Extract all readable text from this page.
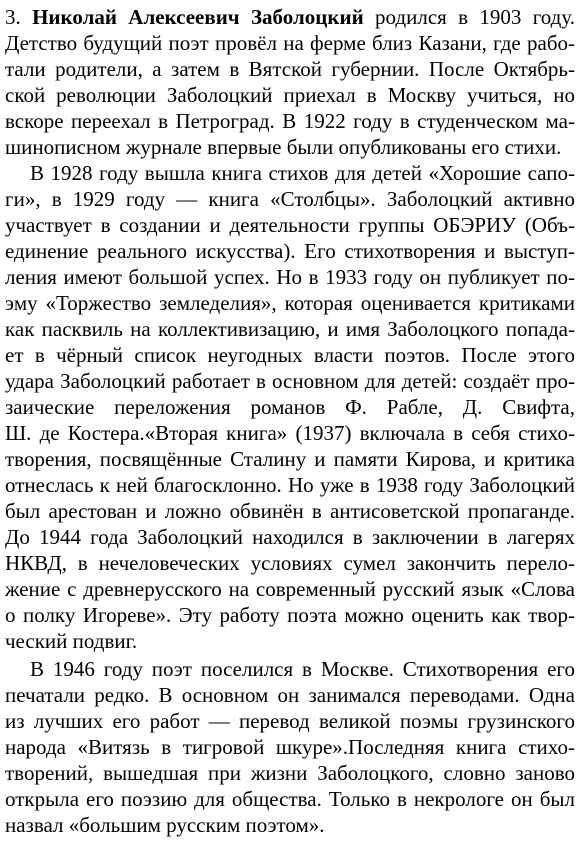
3. Николай Алексеевич Заболоцкий родился в 1903 году.
Детство будущий поэт провёл на ферме близ Казани, где рабо-
тали родители, а затем в Вятской губернии. После Октябрь-
ской революции Заболоцкий приехал в Москву учиться, но
вскоре переехал в Петроград. В 1922 году в студенческом ма-
шинописном журнале впервые были опубликованы его стихи.
В 1928 году вышла книга стихов для детей «Хорошие сапо-
ги», в 1929 году — книга «Столбцы». Заболоцкий активно
участвует в создании и деятельности группы ОБЭРИУ (Объ-
единение реального искусства). Его стихотворения и выступ-
ления имеют большой успех. Но в 1933 году он публикует по-
эму «Торжество земледелия», которая оценивается критиками
как пасквиль на коллективизацию, и имя Заболоцкого попада-
ет в чёрный список неугодных власти поэтов. После этого
удара Заболоцкий работает в основном для детей: создаёт про-
заические переложения романов Ф. Рабле, Д. Свифта,
Ш. де Костера.«Вторая книга» (1937) включала в себя стихо-
творения, посвящённые Сталину и памяти Кирова, и критика
отнеслась к ней благосклонно. Но уже в 1938 году Заболоцкий
был арестован и ложно обвинён в антисоветской пропаганде.
До 1944 года Заболоцкий находился в заключении в лагерях
НКВД, в нечеловеческих условиях сумел закончить перело-
жение с древнерусского на современный русский язык «Слова
о полку Игореве». Эту работу поэта можно оценить как твор-
ческий подвиг.
В 1946 году поэт поселился в Москве. Стихотворения его
печатали редко. В основном он занимался переводами. Одна
из лучших его работ — перевод великой поэмы грузинского
народа «Витязь в тигровой шкуре».Последняя книга стихо-
творений, вышедшая при жизни Заболоцкого, словно заново
открыла его поэзию для общества. Только в некрологе он был
назвал «большим русским поэтом».
